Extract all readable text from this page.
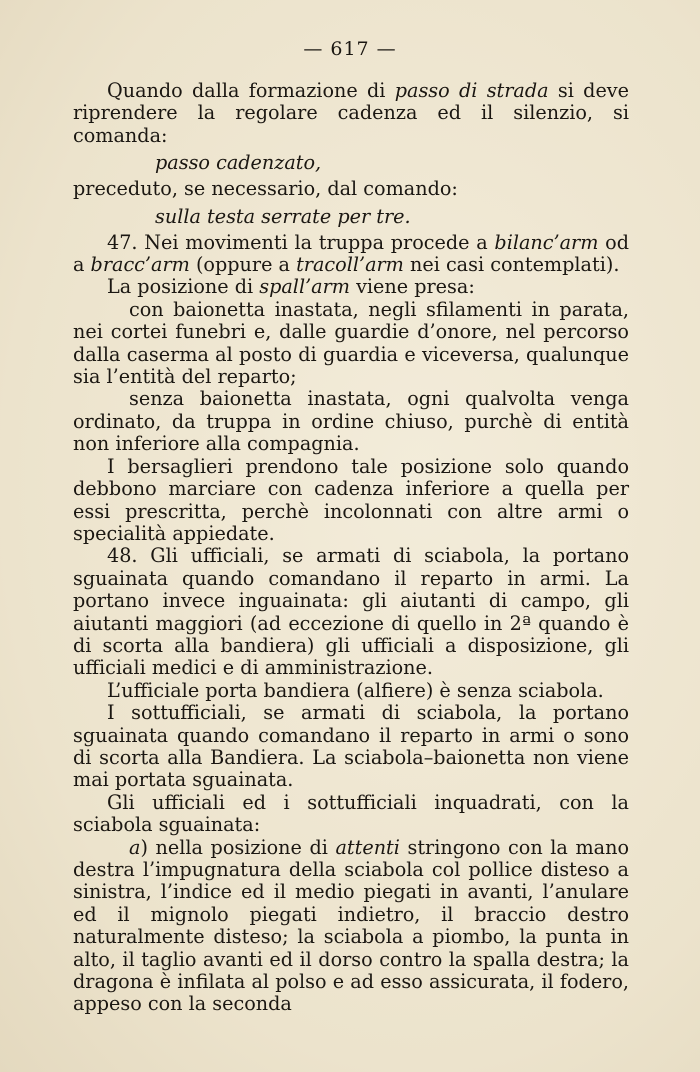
— 617 —

Quando dalla formazione di passo di strada si deve riprendere la regolare cadenza ed il silenzio, si comanda:

passo cadenzato,

preceduto, se necessario, dal comando:

sulla testa serrate per tre.

47. Nei movimenti la truppa procede a bilanc’arm od a bracc’arm (oppure a tracoll’arm nei casi contemplati).

La posizione di spall’arm viene presa:

con baionetta inastata, negli sfilamenti in parata, nei cortei funebri e, dalle guardie d’onore, nel percorso dalla caserma al posto di guardia e viceversa, qualunque sia l’entità del reparto;

senza baionetta inastata, ogni qualvolta venga ordinato, da truppa in ordine chiuso, purchè di entità non inferiore alla compagnia.

I bersaglieri prendono tale posizione solo quando debbono marciare con cadenza inferiore a quella per essi prescritta, perchè incolonnati con altre armi o specialità appiedate.

48. Gli ufficiali, se armati di sciabola, la portano sguainata quando comandano il reparto in armi. La portano invece inguainata: gli aiutanti di campo, gli aiutanti maggiori (ad eccezione di quello in 2ª quando è di scorta alla bandiera) gli ufficiali a disposizione, gli ufficiali medici e di amministrazione.

L’ufficiale porta bandiera (alfiere) è senza sciabola.

I sottufficiali, se armati di sciabola, la portano sguainata quando comandano il reparto in armi o sono di scorta alla Bandiera. La sciabola–baionetta non viene mai portata sguainata.

Gli ufficiali ed i sottufficiali inquadrati, con la sciabola sguainata:

a) nella posizione di attenti stringono con la mano destra l’impugnatura della sciabola col pollice disteso a sinistra, l’indice ed il medio piegati in avanti, l’anulare ed il mignolo piegati indietro, il braccio destro naturalmente disteso; la sciabola a piombo, la punta in alto, il taglio avanti ed il dorso contro la spalla destra; la dragona è infilata al polso e ad esso assicurata, il fodero, appeso con la seconda
